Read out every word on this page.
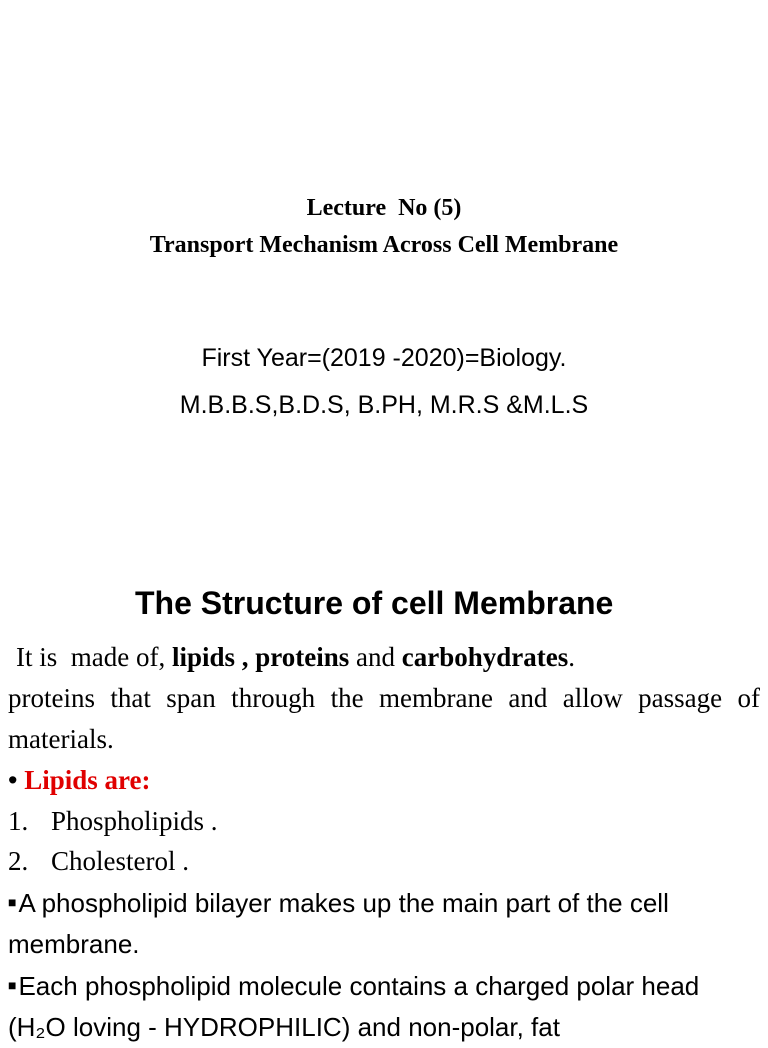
Lecture  No (5)
Transport Mechanism Across Cell Membrane
First Year=(2019 -2020)=Biology.
M.B.B.S,B.D.S, B.PH, M.R.S &M.L.S
The Structure of cell Membrane
It is  made of, lipids , proteins and carbohydrates.
proteins that span through the membrane and allow passage of materials.
• Lipids are:
1. Phospholipids .
2. Cholesterol .
■A phospholipid bilayer makes up the main part of the cell membrane.
■Each phospholipid molecule contains a charged polar head (H₂O loving - HYDROPHILIC) and non-polar, fat
